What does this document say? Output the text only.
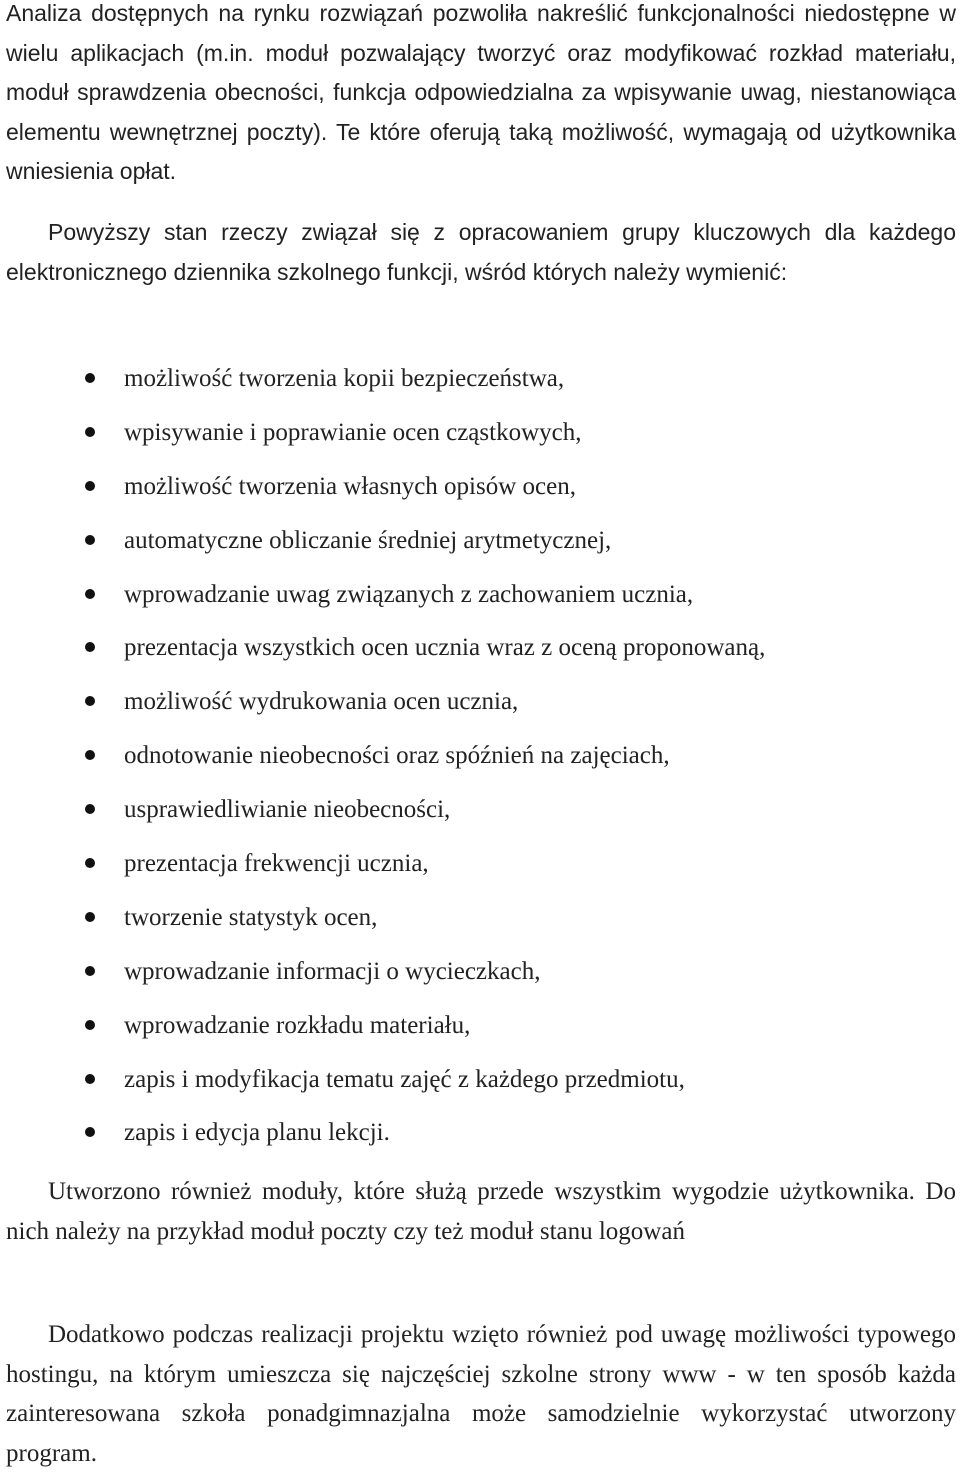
Analiza dostępnych na rynku rozwiązań pozwoliła nakreślić funkcjonalności niedostępne w wielu aplikacjach (m.in. moduł pozwalający tworzyć oraz modyfikować rozkład materiału, moduł sprawdzenia obecności, funkcja odpowiedzialna za wpisywanie uwag, niestanowiąca elementu wewnętrznej poczty). Te które oferują taką możliwość, wymagają od użytkownika wniesienia opłat.

Powyższy stan rzeczy związał się z opracowaniem grupy kluczowych dla każdego elektronicznego dziennika szkolnego funkcji, wśród których należy wymienić:

możliwość tworzenia kopii bezpieczeństwa,
wpisywanie i poprawianie ocen cząstkowych,
możliwość tworzenia własnych opisów ocen,
automatyczne obliczanie średniej arytmetycznej,
wprowadzanie uwag związanych z zachowaniem ucznia,
prezentacja wszystkich ocen ucznia wraz z oceną proponowaną,
możliwość wydrukowania ocen ucznia,
odnotowanie nieobecności oraz spóźnień na zajęciach,
usprawiedliwianie nieobecności,
prezentacja frekwencji ucznia,
tworzenie statystyk ocen,
wprowadzanie informacji o wycieczkach,
wprowadzanie rozkładu materiału,
zapis i modyfikacja tematu zajęć z każdego przedmiotu,
zapis i edycja planu lekcji.

Utworzono również moduły, które służą przede wszystkim wygodzie użytkownika. Do nich należy na przykład moduł poczty czy też moduł stanu logowań

Dodatkowo podczas realizacji projektu wzięto również pod uwagę możliwości typowego hostingu, na którym umieszcza się najczęściej szkolne strony www - w ten sposób każda zainteresowana szkoła ponadgimnazjalna może samodzielnie wykorzystać utworzony program.
